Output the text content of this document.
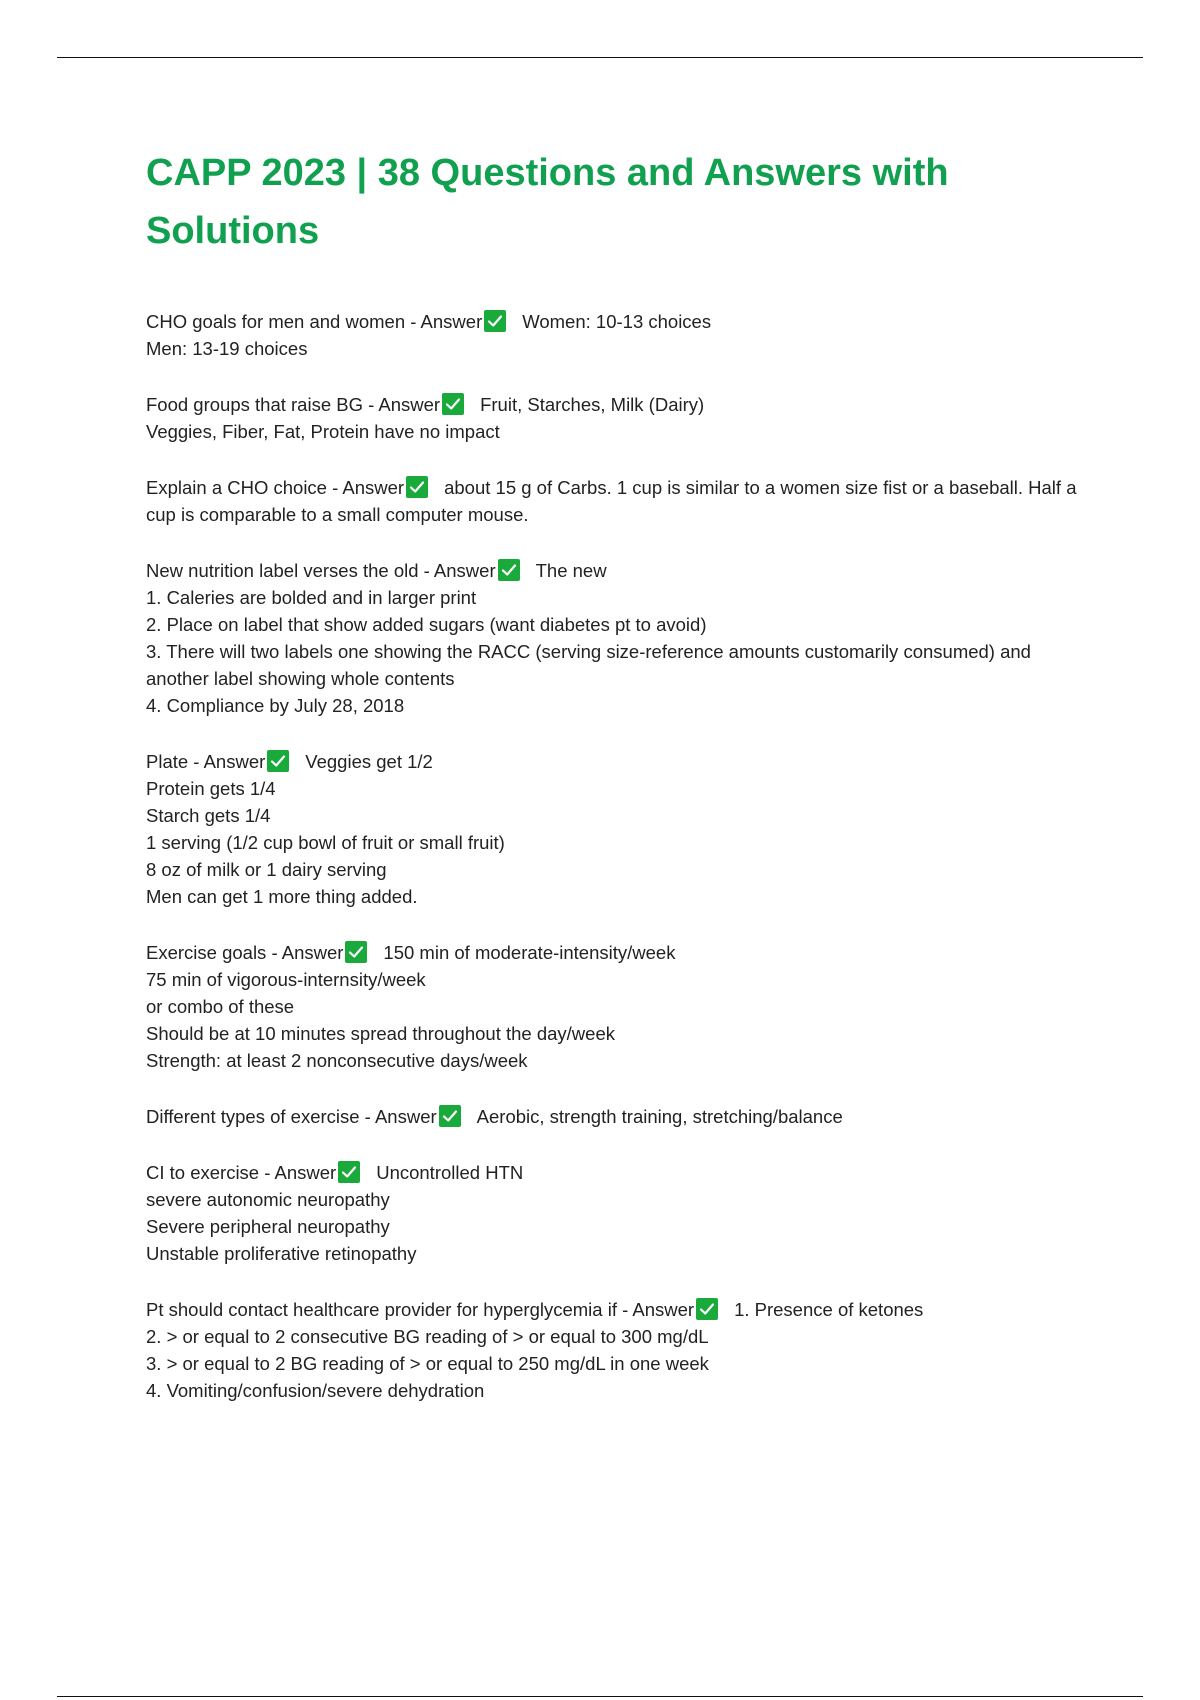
CAPP 2023 | 38 Questions and Answers with Solutions
CHO goals for men and women - Answer Women: 10-13 choices
Men: 13-19 choices
Food groups that raise BG - Answer Fruit, Starches, Milk (Dairy)
Veggies, Fiber, Fat, Protein have no impact
Explain a CHO choice - Answer about 15 g of Carbs. 1 cup is similar to a women size fist or a baseball. Half a cup is comparable to a small computer mouse.
New nutrition label verses the old - Answer The new
1. Caleries are bolded and in larger print
2. Place on label that show added sugars (want diabetes pt to avoid)
3. There will two labels one showing the RACC (serving size-reference amounts customarily consumed) and another label showing whole contents
4. Compliance by July 28, 2018
Plate - Answer Veggies get 1/2
Protein gets 1/4
Starch gets 1/4
1 serving (1/2 cup bowl of fruit or small fruit)
8 oz of milk or 1 dairy serving
Men can get 1 more thing added.
Exercise goals - Answer 150 min of moderate-intensity/week
75 min of vigorous-internsity/week
or combo of these
Should be at 10 minutes spread throughout the day/week
Strength: at least 2 nonconsecutive days/week
Different types of exercise - Answer Aerobic, strength training, stretching/balance
CI to exercise - Answer Uncontrolled HTN
severe autonomic neuropathy
Severe peripheral neuropathy
Unstable proliferative retinopathy
Pt should contact healthcare provider for hyperglycemia if - Answer 1. Presence of ketones
2. > or equal to 2 consecutive BG reading of > or equal to 300 mg/dL
3. > or equal to 2 BG reading of > or equal to 250 mg/dL in one week
4. Vomiting/confusion/severe dehydration
